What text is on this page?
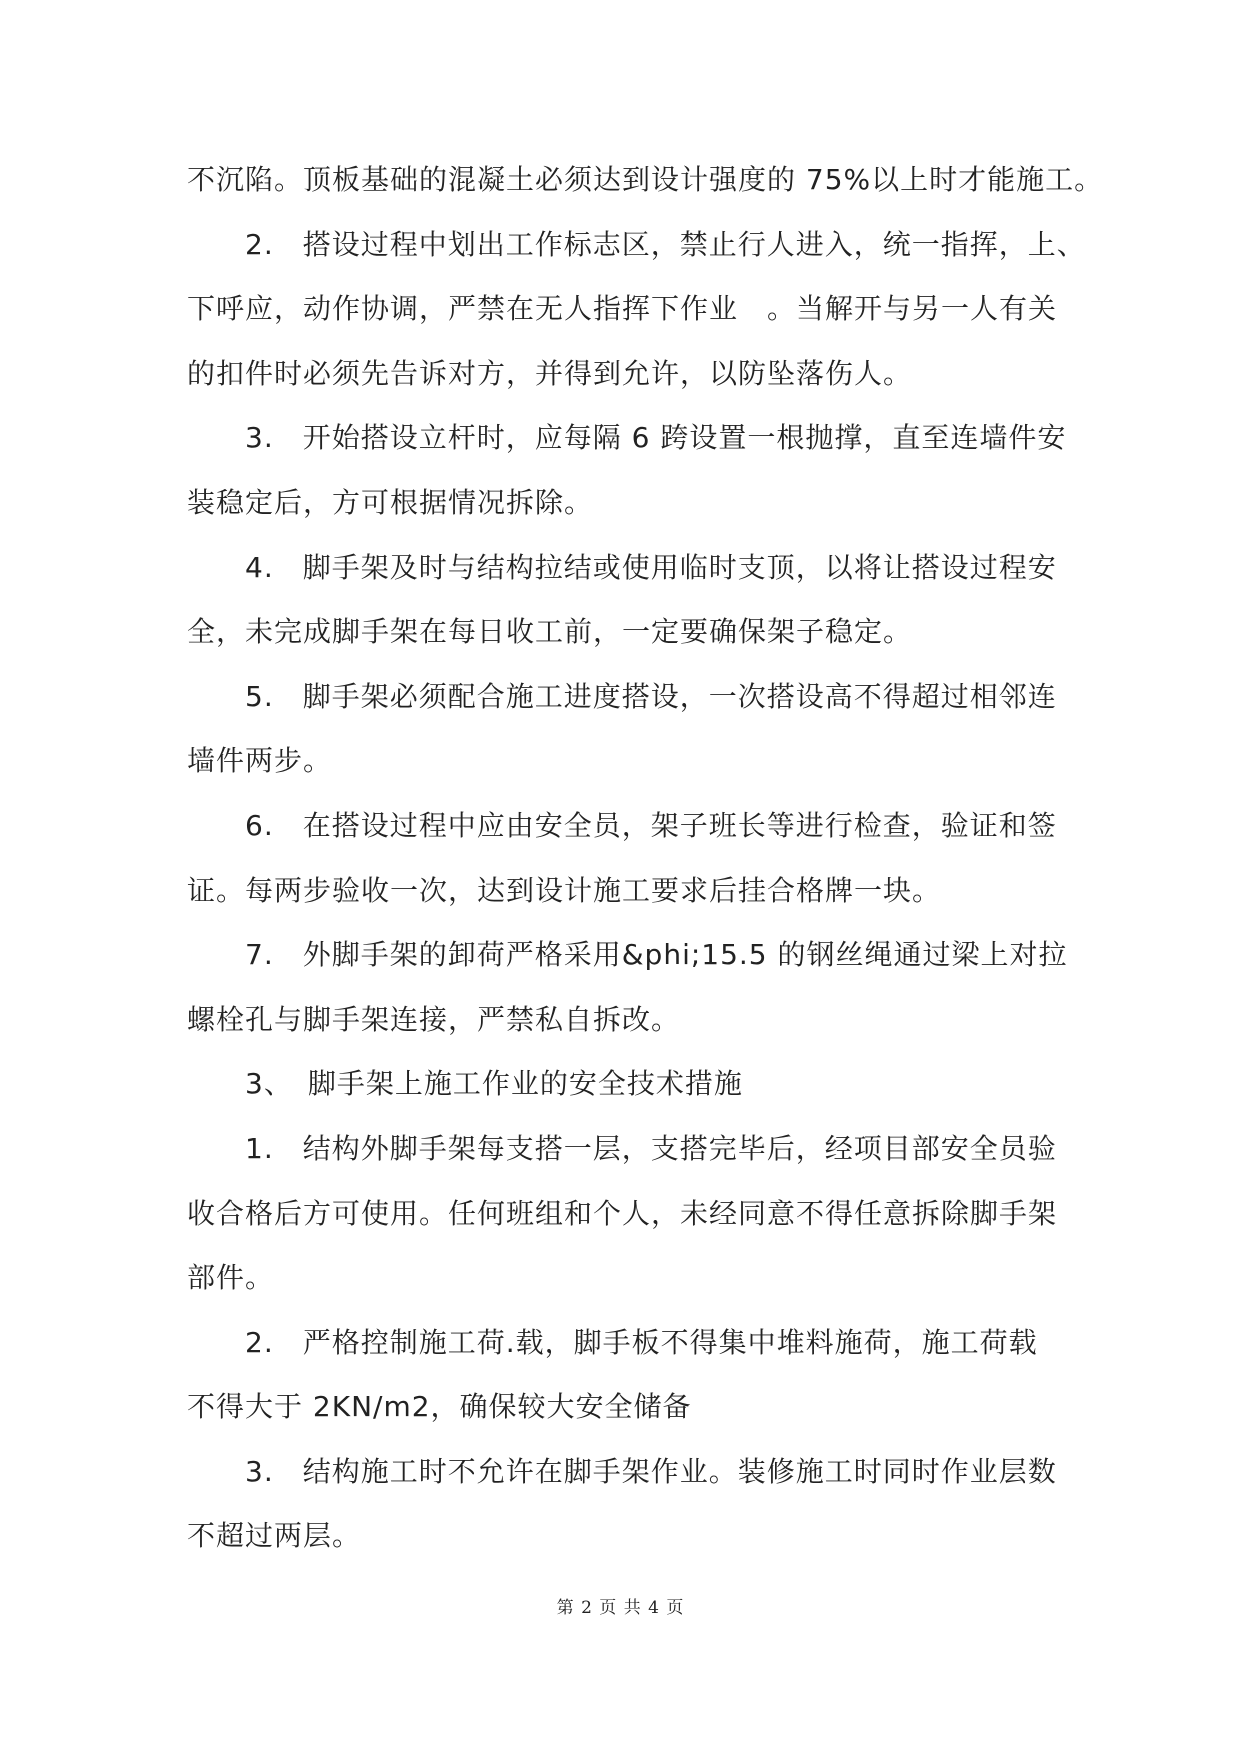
不沉陷。顶板基础的混凝土必须达到设计强度的 75%以上时才能施工。
　　2.　搭设过程中划出工作标志区，禁止行人进入，统一指挥，上、
下呼应，动作协调，严禁在无人指挥下作业　。当解开与另一人有关
的扣件时必须先告诉对方，并得到允许，以防坠落伤人。
　　3.　开始搭设立杆时，应每隔 6 跨设置一根抛撑，直至连墙件安
装稳定后，方可根据情况拆除。
　　4.　脚手架及时与结构拉结或使用临时支顶，以将让搭设过程安
全，未完成脚手架在每日收工前，一定要确保架子稳定。
　　5.　脚手架必须配合施工进度搭设，一次搭设高不得超过相邻连
墙件两步。
　　6.　在搭设过程中应由安全员，架子班长等进行检查，验证和签
证。每两步验收一次，达到设计施工要求后挂合格牌一块。
　　7.　外脚手架的卸荷严格采用&phi;15.5 的钢丝绳通过梁上对拉
螺栓孔与脚手架连接，严禁私自拆改。
　　3、　脚手架上施工作业的安全技术措施
　　1.　结构外脚手架每支搭一层，支搭完毕后，经项目部安全员验
收合格后方可使用。任何班组和个人，未经同意不得任意拆除脚手架
部件。
　　2.　严格控制施工荷.载，脚手板不得集中堆料施荷，施工荷载
不得大于 2KN/m2，确保较大安全储备
　　3.　结构施工时不允许在脚手架作业。装修施工时同时作业层数
不超过两层。
第 2 页 共 4 页
